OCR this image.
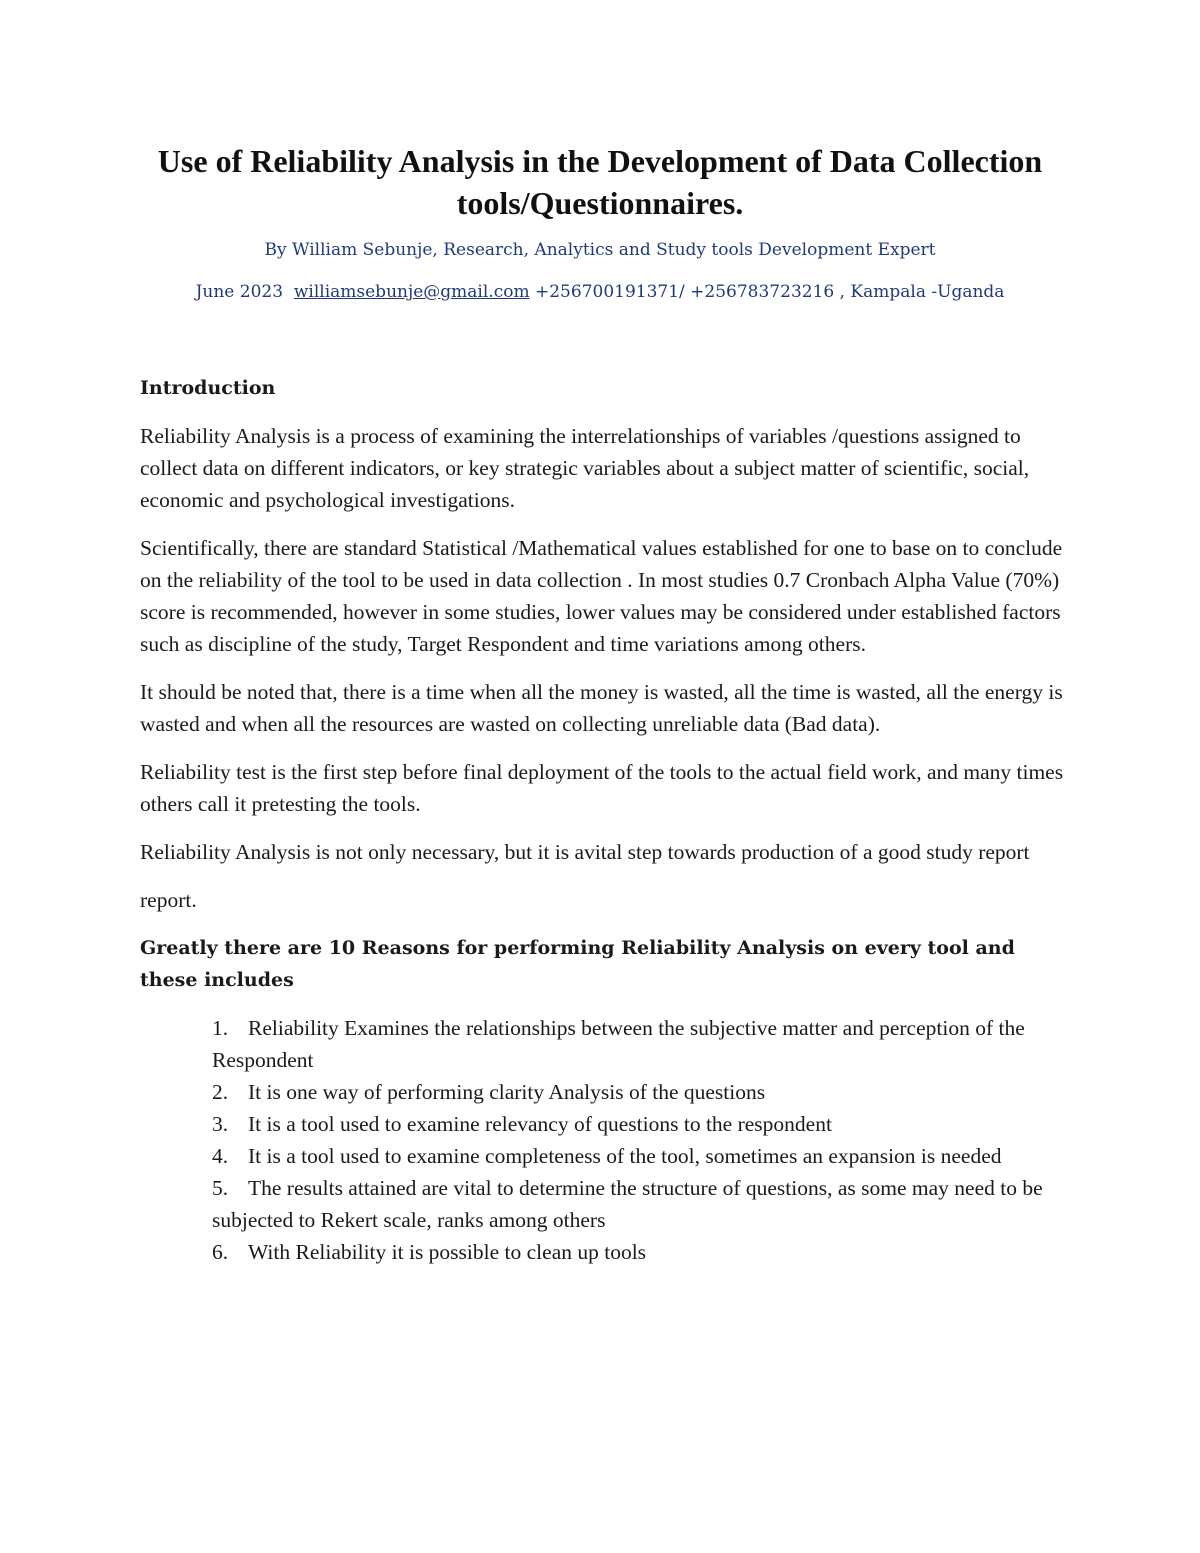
Use of Reliability Analysis in the Development of Data Collection tools/Questionnaires.

By William Sebunje, Research, Analytics and Study tools Development Expert

June 2023 williamsebunje@gmail.com +256700191371/ +256783723216 , Kampala -Uganda

Introduction

Reliability Analysis is a process of examining the interrelationships of variables /questions assigned to collect data on different indicators, or key strategic variables about a subject matter of scientific, social, economic and psychological investigations.

Scientifically, there are standard Statistical /Mathematical values established for one to base on to conclude on the reliability of the tool to be used in data collection . In most studies 0.7 Cronbach Alpha Value (70%) score is recommended, however in some studies, lower values may be considered under established factors such as discipline of the study, Target Respondent and time variations among others.

It should be noted that, there is a time when all the money is wasted, all the time is wasted, all the energy is wasted and when all the resources are wasted on collecting unreliable data (Bad data).

Reliability test is the first step before final deployment of the tools to the actual field work, and many times others call it pretesting the tools.

Reliability Analysis is not only necessary, but it is avital step towards production of a good study report

report.

Greatly there are 10 Reasons for performing Reliability Analysis on every tool and these includes
1. Reliability Examines the relationships between the subjective matter and perception of the Respondent
2. It is one way of performing clarity Analysis of the questions
3. It is a tool used to examine relevancy of questions to the respondent
4. It is a tool used to examine completeness of the tool, sometimes an expansion is needed
5. The results attained are vital to determine the structure of questions, as some may need to be subjected to Rekert scale, ranks among others
6. With Reliability it is possible to clean up tools
